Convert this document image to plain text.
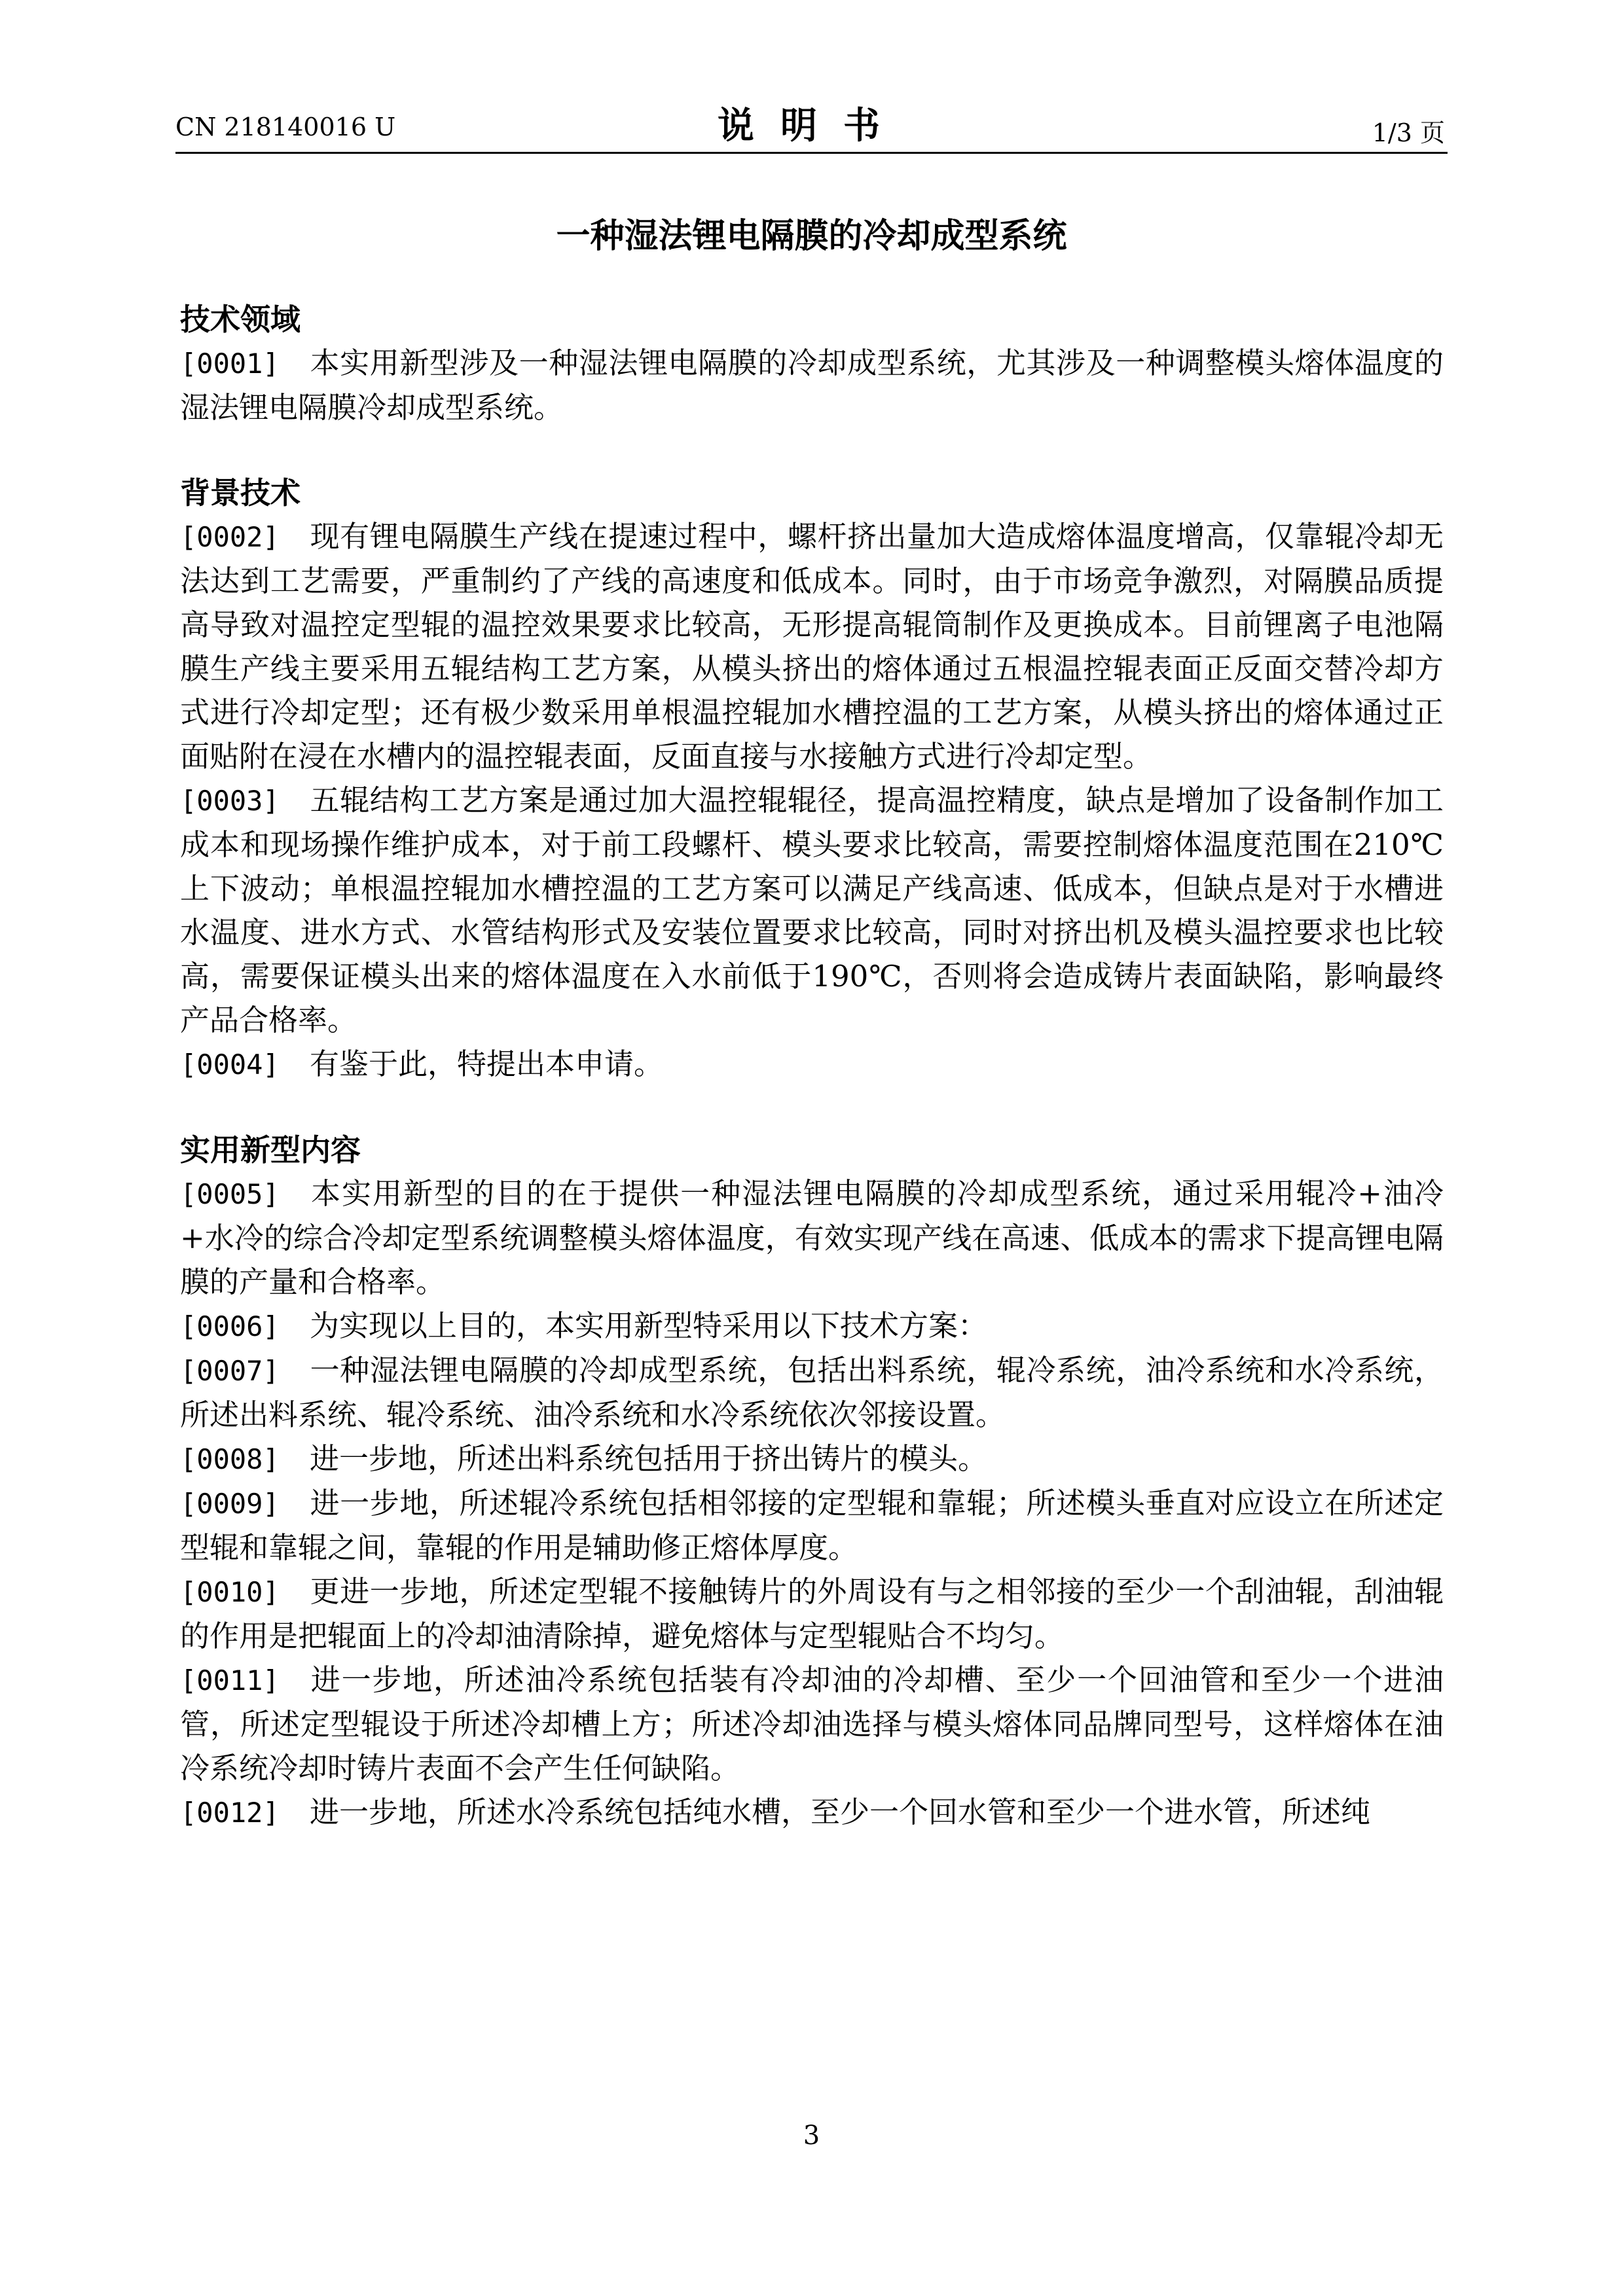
CN 218140016 U	说明书	1/3 页
一种湿法锂电隔膜的冷却成型系统

技术领域

[0001] 本实用新型涉及一种湿法锂电隔膜的冷却成型系统，尤其涉及一种调整模头熔体温度的湿法锂电隔膜冷却成型系统。

背景技术

[0002] 现有锂电隔膜生产线在提速过程中，螺杆挤出量加大造成熔体温度增高，仅靠辊冷却无法达到工艺需要，严重制约了产线的高速度和低成本。同时，由于市场竞争激烈，对隔膜品质提高导致对温控定型辊的温控效果要求比较高，无形提高辊筒制作及更换成本。目前锂离子电池隔膜生产线主要采用五辊结构工艺方案，从模头挤出的熔体通过五根温控辊表面正反面交替冷却方式进行冷却定型；还有极少数采用单根温控辊加水槽控温的工艺方案，从模头挤出的熔体通过正面贴附在浸在水槽内的温控辊表面，反面直接与水接触方式进行冷却定型。

[0003] 五辊结构工艺方案是通过加大温控辊辊径，提高温控精度，缺点是增加了设备制作加工成本和现场操作维护成本，对于前工段螺杆、模头要求比较高，需要控制熔体温度范围在210℃上下波动；单根温控辊加水槽控温的工艺方案可以满足产线高速、低成本，但缺点是对于水槽进水温度、进水方式、水管结构形式及安装位置要求比较高，同时对挤出机及模头温控要求也比较高，需要保证模头出来的熔体温度在入水前低于190℃，否则将会造成铸片表面缺陷，影响最终产品合格率。

[0004] 有鉴于此，特提出本申请。

实用新型内容

[0005] 本实用新型的目的在于提供一种湿法锂电隔膜的冷却成型系统，通过采用辊冷+油冷+水冷的综合冷却定型系统调整模头熔体温度，有效实现产线在高速、低成本的需求下提高锂电隔膜的产量和合格率。

[0006] 为实现以上目的，本实用新型特采用以下技术方案：

[0007] 一种湿法锂电隔膜的冷却成型系统，包括出料系统，辊冷系统，油冷系统和水冷系统，所述出料系统、辊冷系统、油冷系统和水冷系统依次邻接设置。

[0008] 进一步地，所述出料系统包括用于挤出铸片的模头。

[0009] 进一步地，所述辊冷系统包括相邻接的定型辊和靠辊；所述模头垂直对应设立在所述定型辊和靠辊之间，靠辊的作用是辅助修正熔体厚度。

[0010] 更进一步地，所述定型辊不接触铸片的外周设有与之相邻接的至少一个刮油辊，刮油辊的作用是把辊面上的冷却油清除掉，避免熔体与定型辊贴合不均匀。

[0011] 进一步地，所述油冷系统包括装有冷却油的冷却槽、至少一个回油管和至少一个进油管，所述定型辊设于所述冷却槽上方；所述冷却油选择与模头熔体同品牌同型号，这样熔体在油冷系统冷却时铸片表面不会产生任何缺陷。

[0012] 进一步地，所述水冷系统包括纯水槽，至少一个回水管和至少一个进水管，所述纯

3
